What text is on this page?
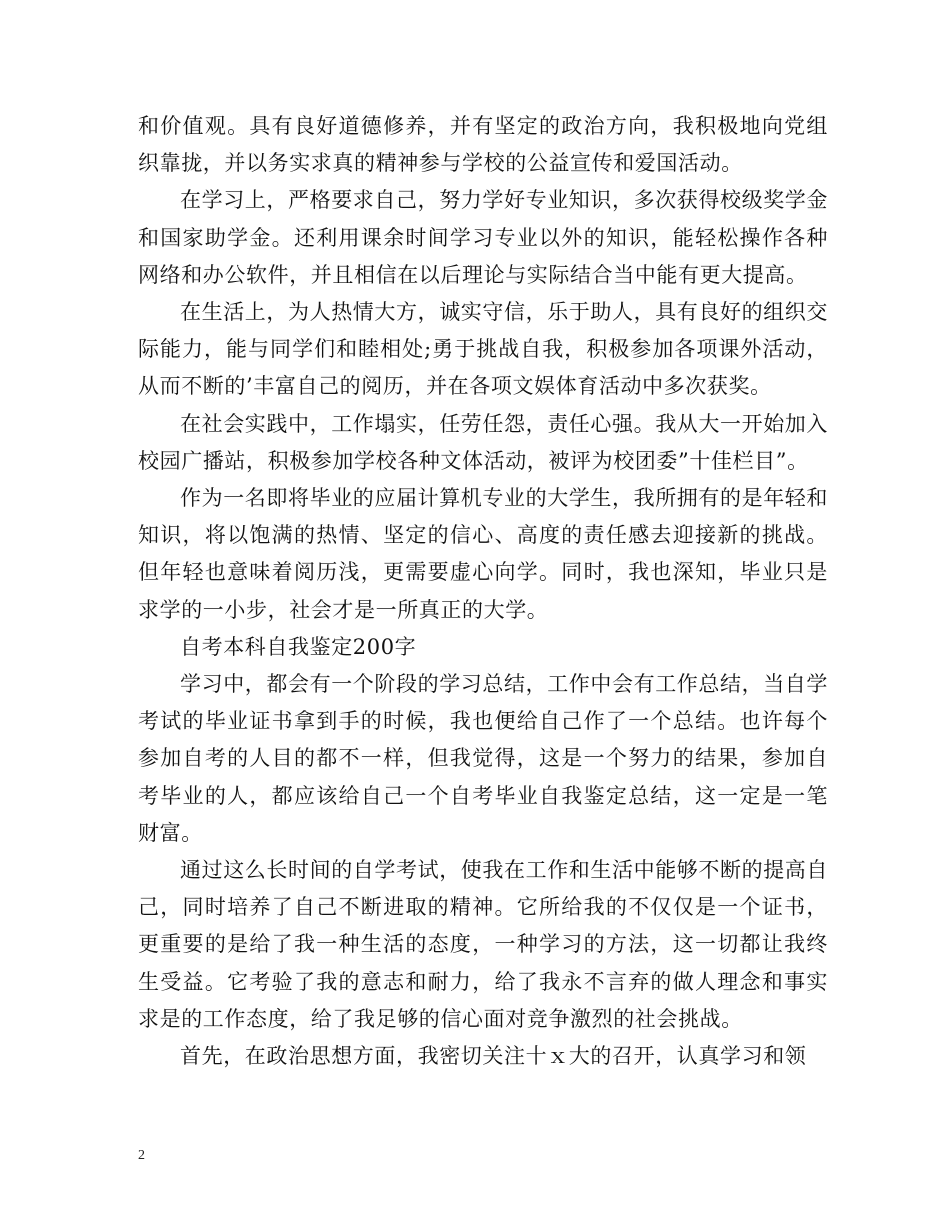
和价值观。具有良好道德修养，并有坚定的政治方向，我积极地向党组织靠拢，并以务实求真的精神参与学校的公益宣传和爱国活动。

在学习上，严格要求自己，努力学好专业知识，多次获得校级奖学金和国家助学金。还利用课余时间学习专业以外的知识，能轻松操作各种网络和办公软件，并且相信在以后理论与实际结合当中能有更大提高。

在生活上，为人热情大方，诚实守信，乐于助人，具有良好的组织交际能力，能与同学们和睦相处;勇于挑战自我，积极参加各项课外活动，从而不断的’丰富自己的阅历，并在各项文娱体育活动中多次获奖。

在社会实践中，工作塌实，任劳任怨，责任心强。我从大一开始加入校园广播站，积极参加学校各种文体活动，被评为校团委”十佳栏目”。

作为一名即将毕业的应届计算机专业的大学生，我所拥有的是年轻和知识，将以饱满的热情、坚定的信心、高度的责任感去迎接新的挑战。但年轻也意味着阅历浅，更需要虚心向学。同时，我也深知，毕业只是求学的一小步，社会才是一所真正的大学。

自考本科自我鉴定200字

学习中，都会有一个阶段的学习总结，工作中会有工作总结，当自学考试的毕业证书拿到手的时候，我也便给自己作了一个总结。也许每个参加自考的人目的都不一样，但我觉得，这是一个努力的结果，参加自考毕业的人，都应该给自己一个自考毕业自我鉴定总结，这一定是一笔财富。

通过这么长时间的自学考试，使我在工作和生活中能够不断的提高自己，同时培养了自己不断进取的精神。它所给我的不仅仅是一个证书，更重要的是给了我一种生活的态度，一种学习的方法，这一切都让我终生受益。它考验了我的意志和耐力，给了我永不言弃的做人理念和事实求是的工作态度，给了我足够的信心面对竞争激烈的社会挑战。

首先，在政治思想方面，我密切关注十ｘ大的召开，认真学习和领

2
